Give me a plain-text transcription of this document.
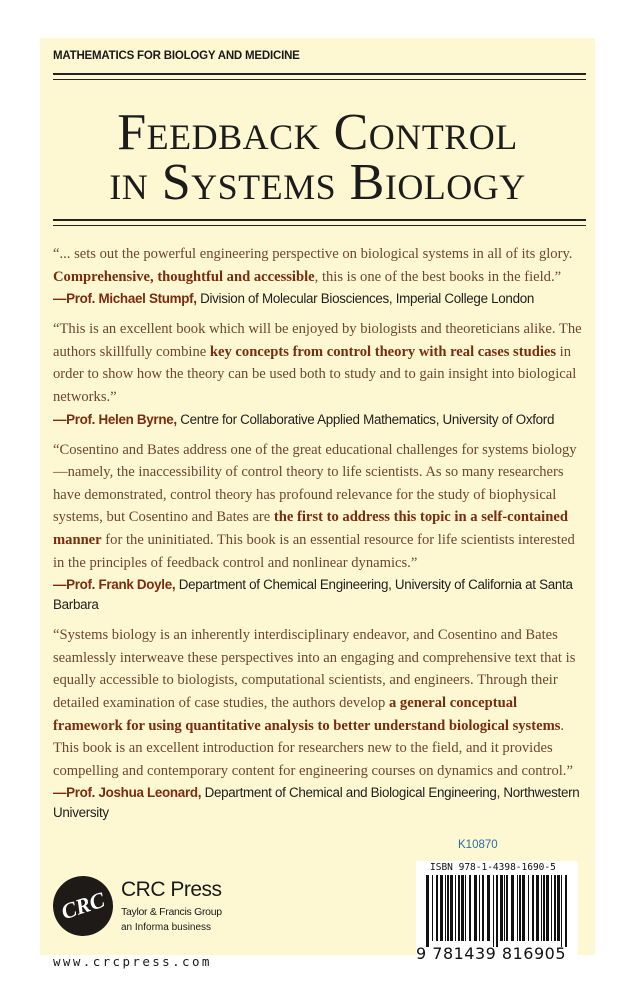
MATHEMATICS FOR BIOLOGY AND MEDICINE
Feedback Control
in Systems Biology

“... sets out the powerful engineering perspective on biological systems in all of its glory. Comprehensive, thoughtful and accessible, this is one of the best books in the field.”

—Prof. Michael Stumpf, Division of Molecular Biosciences, Imperial College London

“This is an excellent book which will be enjoyed by biologists and theoreticians alike. The authors skillfully combine key concepts from control theory with real cases studies in order to show how the theory can be used both to study and to gain insight into biological networks.”

—Prof. Helen Byrne, Centre for Collaborative Applied Mathematics, University of Oxford

“Cosentino and Bates address one of the great educational challenges for systems biology—namely, the inaccessibility of control theory to life scientists. As so many researchers have demonstrated, control theory has profound relevance for the study of biophysical systems, but Cosentino and Bates are the first to address this topic in a self-contained manner for the uninitiated. This book is an essential resource for life scientists interested in the principles of feedback control and nonlinear dynamics.”

—Prof. Frank Doyle, Department of Chemical Engineering, University of California at Santa Barbara

“Systems biology is an inherently interdisciplinary endeavor, and Cosentino and Bates seamlessly interweave these perspectives into an engaging and comprehensive text that is equally accessible to biologists, computational scientists, and engineers. Through their detailed examination of case studies, the authors develop a general conceptual framework for using quantitative analysis to better understand biological systems. This book is an excellent introduction for researchers new to the field, and it provides compelling and contemporary content for engineering courses on dynamics and control.”

—Prof. Joshua Leonard, Department of Chemical and Biological Engineering, Northwestern University
K10870
ISBN 978-1-4398-1690-5
9 781439 816905
CRC CRC Press
Taylor & Francis Group
an Informa business
www.crcpress.com
